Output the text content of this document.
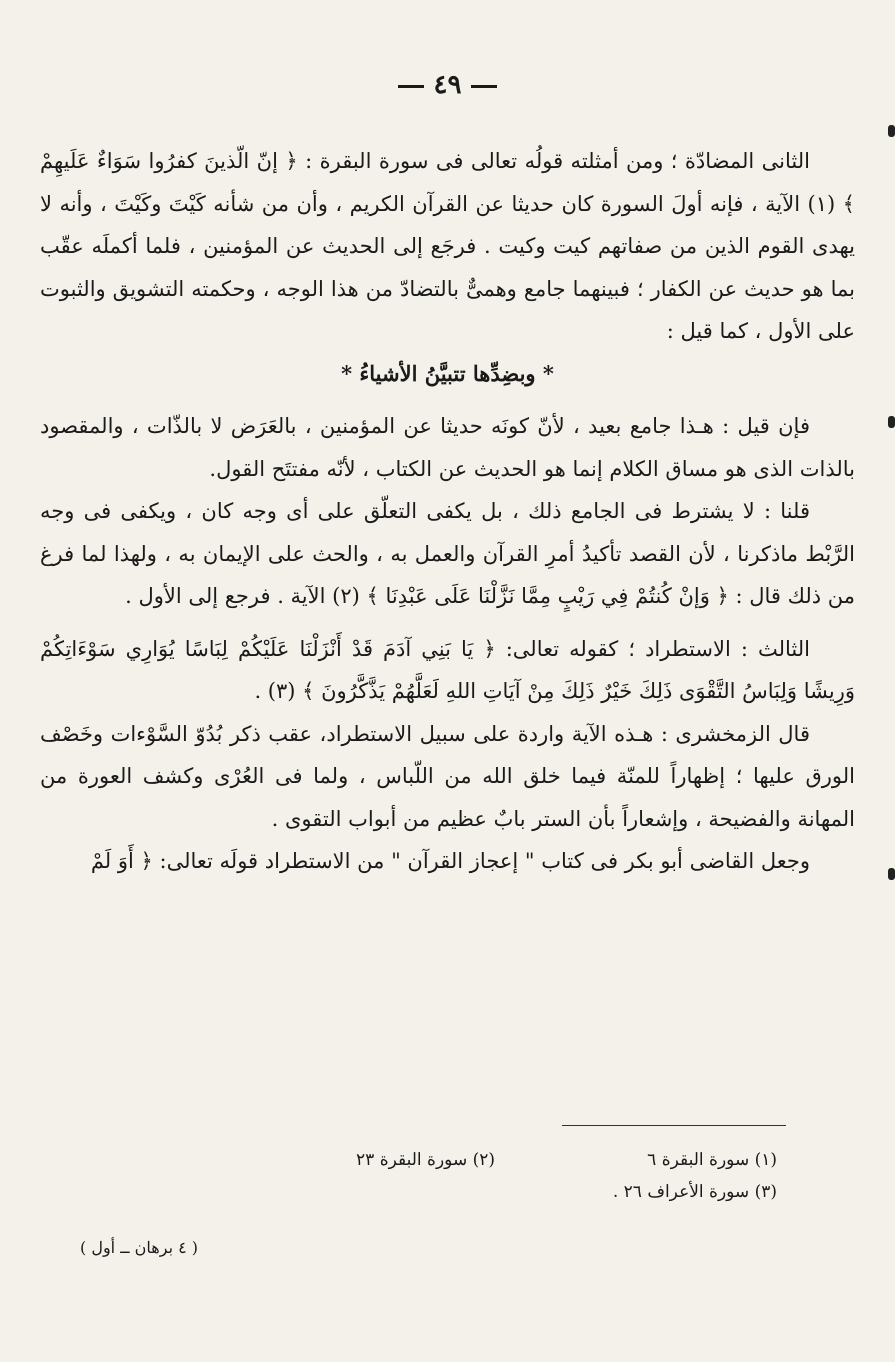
٤٩

الثانى المضادّة ؛ ومن أمثلته قولُه تعالى فى سورة البقرة : ﴿ إنّ الّذينَ كفرُوا سَوَاءٌ عَلَيهِمْ ﴾ (١) الآية ، فإنه أولَ السورة كان حديثا عن القرآن الكريم ، وأن من شأنه كَيْتَ وكَيْتَ ، وأنه لا يهدى القوم الذين من صفاتهم كيت وكيت . فرجَع إلى الحديث عن المؤمنين ، فلما أكملَه عقّب بما هو حديث عن الكفار ؛ فبينهما جامع وهمىٌّ بالتضادّ من هذا الوجه ، وحكمته التشويق والثبوت على الأول ، كما قيل :

* وبضِدِّها تتبيَّنُ الأشياءُ *

فإن قيل : هـذا جامع بعيد ، لأنّ كونَه حديثا عن المؤمنين ، بالعَرَض لا بالذّات ، والمقصود بالذات الذى هو مساق الكلام إنما هو الحديث عن الكتاب ، لأنّه مفتتَح القول.

قلنا : لا يشترط فى الجامع ذلك ، بل يكفى التعلّق على أى وجه كان ، ويكفى فى وجه الرَّبْط ماذكرنا ، لأن القصد تأكيدُ أمرِ القرآن والعمل به ، والحث على الإيمان به ، ولهذا لما فرغ من ذلك قال : ﴿ وَإنْ كُنتُمْ فِي رَيْبٍ مِمَّا نَزَّلْنَا عَلَى عَبْدِنَا ﴾ (٢) الآية . فرجع إلى الأول .

الثالث : الاستطراد ؛ كقوله تعالى: ﴿ يَا بَنِي آدَمَ قَدْ أَنْزَلْنَا عَلَيْكُمْ لِبَاسًا يُوَارِي سَوْءَاتِكُمْ وَرِيشًا وَلِبَاسُ التَّقْوَى ذَلِكَ خَيْرٌ ذَلِكَ مِنْ آيَاتِ اللهِ لَعَلَّهُمْ يَذَّكَّرُونَ ﴾ (٣) .

قال الزمخشرى : هـذه الآية واردة على سبيل الاستطراد، عقب ذكر بُدُوّ السَّوْءات وخَصْف الورق عليها ؛ إظهاراً للمنّة فيما خلق الله من اللّباس ، ولما فى العُرْى وكشف العورة من المهانة والفضيحة ، وإشعاراً بأن الستر بابٌ عظيم من أبواب التقوى .

وجعل القاضى أبو بكر فى كتاب " إعجاز القرآن " من الاستطراد قولَه تعالى: ﴿ أَوَ لَمْ

(١) سورة البقرة ٦
(٢) سورة البقرة ٢٣
(٣) سورة الأعراف ٢٦ .
( ٤ برهان ــ أول )
